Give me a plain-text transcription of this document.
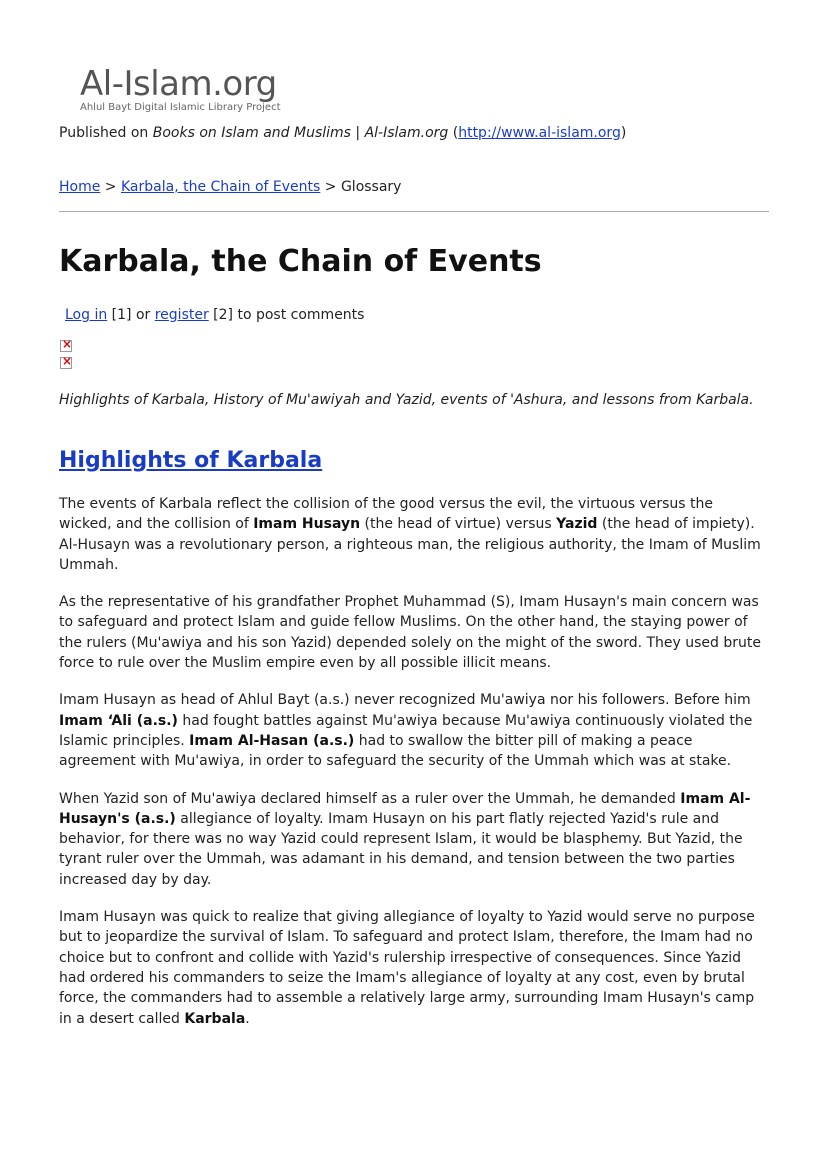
Al-Islam.org
Ahlul Bayt Digital Islamic Library Project
Published on Books on Islam and Muslims | Al-Islam.org (http://www.al-islam.org)
Home > Karbala, the Chain of Events > Glossary
Karbala, the Chain of Events
Log in [1] or register [2] to post comments
×
×
Highlights of Karbala, History of Mu'awiyah and Yazid, events of 'Ashura, and lessons from Karbala.
Highlights of Karbala

The events of Karbala reflect the collision of the good versus the evil, the virtuous versus the wicked, and the collision of Imam Husayn (the head of virtue) versus Yazid (the head of impiety). Al-Husayn was a revolutionary person, a righteous man, the religious authority, the Imam of Muslim Ummah.

As the representative of his grandfather Prophet Muhammad (S), Imam Husayn's main concern was to safeguard and protect Islam and guide fellow Muslims. On the other hand, the staying power of the rulers (Mu'awiya and his son Yazid) depended solely on the might of the sword. They used brute force to rule over the Muslim empire even by all possible illicit means.

Imam Husayn as head of Ahlul Bayt (a.s.) never recognized Mu'awiya nor his followers. Before him Imam ‘Ali (a.s.) had fought battles against Mu'awiya because Mu'awiya continuously violated the Islamic principles. Imam Al-Hasan (a.s.) had to swallow the bitter pill of making a peace agreement with Mu'awiya, in order to safeguard the security of the Ummah which was at stake.

When Yazid son of Mu'awiya declared himself as a ruler over the Ummah, he demanded Imam Al-Husayn's (a.s.) allegiance of loyalty. Imam Husayn on his part flatly rejected Yazid's rule and behavior, for there was no way Yazid could represent Islam, it would be blasphemy. But Yazid, the tyrant ruler over the Ummah, was adamant in his demand, and tension between the two parties increased day by day.

Imam Husayn was quick to realize that giving allegiance of loyalty to Yazid would serve no purpose but to jeopardize the survival of Islam. To safeguard and protect Islam, therefore, the Imam had no choice but to confront and collide with Yazid's rulership irrespective of consequences. Since Yazid had ordered his commanders to seize the Imam's allegiance of loyalty at any cost, even by brutal force, the commanders had to assemble a relatively large army, surrounding Imam Husayn's camp in a desert called Karbala.
